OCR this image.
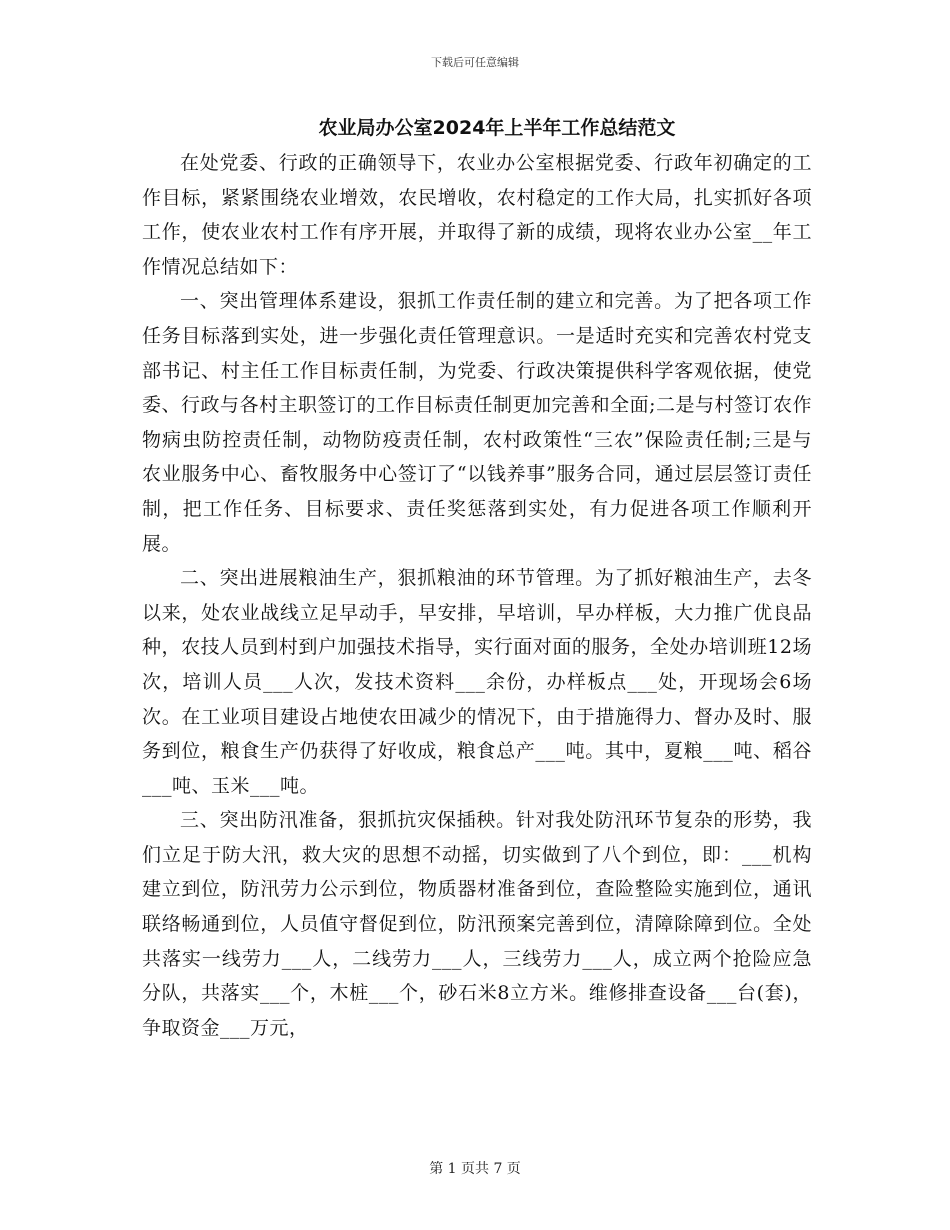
下载后可任意编辑
农业局办公室2024年上半年工作总结范文

在处党委、行政的正确领导下，农业办公室根据党委、行政年初确定的工作目标，紧紧围绕农业增效，农民增收，农村稳定的工作大局，扎实抓好各项工作，使农业农村工作有序开展，并取得了新的成绩，现将农业办公室__年工作情况总结如下：

一、突出管理体系建设，狠抓工作责任制的建立和完善。为了把各项工作任务目标落到实处，进一步强化责任管理意识。一是适时充实和完善农村党支部书记、村主任工作目标责任制，为党委、行政决策提供科学客观依据，使党委、行政与各村主职签订的工作目标责任制更加完善和全面;二是与村签订农作物病虫防控责任制，动物防疫责任制，农村政策性“三农”保险责任制;三是与农业服务中心、畜牧服务中心签订了“以钱养事”服务合同，通过层层签订责任制，把工作任务、目标要求、责任奖惩落到实处，有力促进各项工作顺利开展。

二、突出进展粮油生产，狠抓粮油的环节管理。为了抓好粮油生产，去冬以来，处农业战线立足早动手，早安排，早培训，早办样板，大力推广优良品种，农技人员到村到户加强技术指导，实行面对面的服务，全处办培训班12场次，培训人员___人次，发技术资料___余份，办样板点___处，开现场会6场次。在工业项目建设占地使农田减少的情况下，由于措施得力、督办及时、服务到位，粮食生产仍获得了好收成，粮食总产___吨。其中，夏粮___吨、稻谷___吨、玉米___吨。

三、突出防汛准备，狠抓抗灾保插秧。针对我处防汛环节复杂的形势，我们立足于防大汛，救大灾的思想不动摇，切实做到了八个到位，即：___机构建立到位，防汛劳力公示到位，物质器材准备到位，查险整险实施到位，通讯联络畅通到位，人员值守督促到位，防汛预案完善到位，清障除障到位。全处共落实一线劳力___人，二线劳力___人，三线劳力___人，成立两个抢险应急分队，共落实___个，木桩___个，砂石米8立方米。维修排查设备___台(套)，争取资金___万元，

第 1 页共 7 页
